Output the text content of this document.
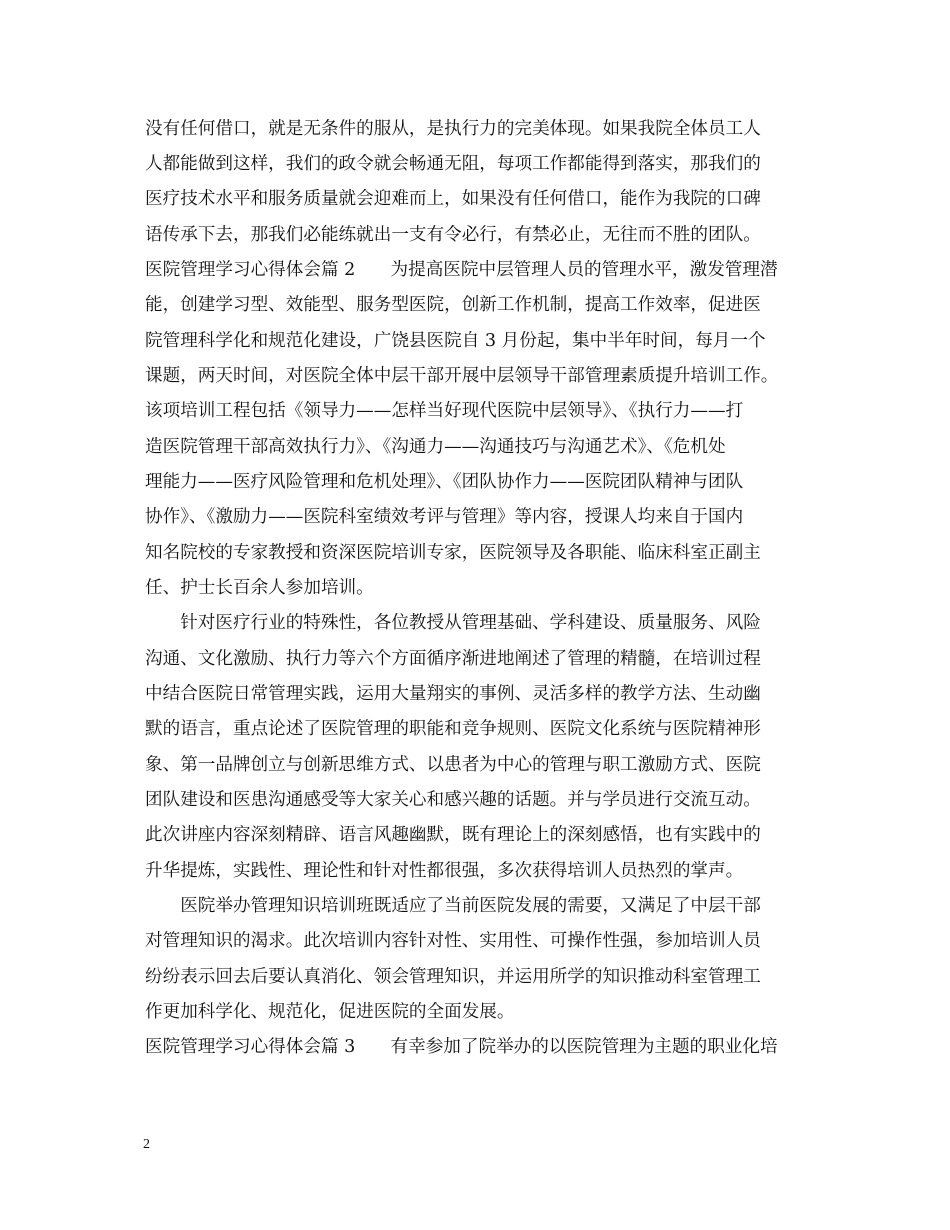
没有任何借口，就是无条件的服从，是执行力的完美体现。如果我院全体员工人
人都能做到这样，我们的政令就会畅通无阻，每项工作都能得到落实，那我们的
医疗技术水平和服务质量就会迎难而上，如果没有任何借口，能作为我院的口碑
语传承下去，那我们必能练就出一支有令必行，有禁必止，无往而不胜的团队。
医院管理学习心得体会篇 2　　为提高医院中层管理人员的管理水平，激发管理潜
能，创建学习型、效能型、服务型医院，创新工作机制，提高工作效率，促进医
院管理科学化和规范化建设，广饶县医院自 3 月份起，集中半年时间，每月一个
课题，两天时间，对医院全体中层干部开展中层领导干部管理素质提升培训工作。
该项培训工程包括《领导力——怎样当好现代医院中层领导》、《执行力——打
造医院管理干部高效执行力》、《沟通力——沟通技巧与沟通艺术》、《危机处
理能力——医疗风险管理和危机处理》、《团队协作力——医院团队精神与团队
协作》、《激励力——医院科室绩效考评与管理》等内容，授课人均来自于国内
知名院校的专家教授和资深医院培训专家，医院领导及各职能、临床科室正副主
任、护士长百余人参加培训。
　　针对医疗行业的特殊性，各位教授从管理基础、学科建设、质量服务、风险
沟通、文化激励、执行力等六个方面循序渐进地阐述了管理的精髓，在培训过程
中结合医院日常管理实践，运用大量翔实的事例、灵活多样的教学方法、生动幽
默的语言，重点论述了医院管理的职能和竞争规则、医院文化系统与医院精神形
象、第一品牌创立与创新思维方式、以患者为中心的管理与职工激励方式、医院
团队建设和医患沟通感受等大家关心和感兴趣的话题。并与学员进行交流互动。
此次讲座内容深刻精辟、语言风趣幽默，既有理论上的深刻感悟，也有实践中的
升华提炼，实践性、理论性和针对性都很强，多次获得培训人员热烈的掌声。
　　医院举办管理知识培训班既适应了当前医院发展的需要，又满足了中层干部
对管理知识的渴求。此次培训内容针对性、实用性、可操作性强，参加培训人员
纷纷表示回去后要认真消化、领会管理知识，并运用所学的知识推动科室管理工
作更加科学化、规范化，促进医院的全面发展。
医院管理学习心得体会篇 3　　有幸参加了院举办的以医院管理为主题的职业化培
2
